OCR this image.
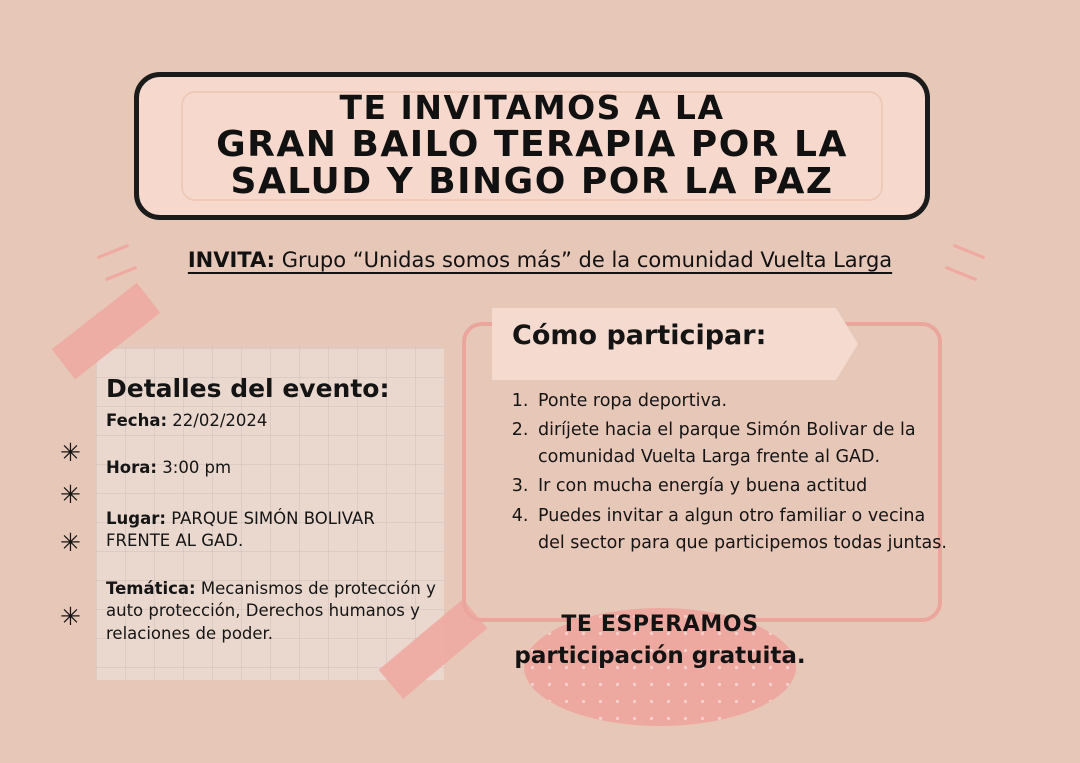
TE INVITAMOS A LA
GRAN BAILO TERAPIA POR LA
SALUD Y BINGO POR LA PAZ
INVITA: Grupo “Unidas somos más” de la comunidad Vuelta Larga
Detalles del evento:
Fecha: 22/02/2024
Hora: 3:00 pm
Lugar: PARQUE SIMÓN BOLIVAR FRENTE AL GAD.
Temática: Mecanismos de protección y auto protección, Derechos humanos y relaciones de poder.
✳
✳
✳
✳
Cómo participar:
1. Ponte ropa deportiva.
2. diríjete hacia el parque Simón Bolivar de la comunidad Vuelta Larga frente al GAD.
3. Ir con mucha energía y buena actitud
4. Puedes invitar a algun otro familiar o vecina del sector para que participemos todas juntas.
TE ESPERAMOS
participación gratuita.
